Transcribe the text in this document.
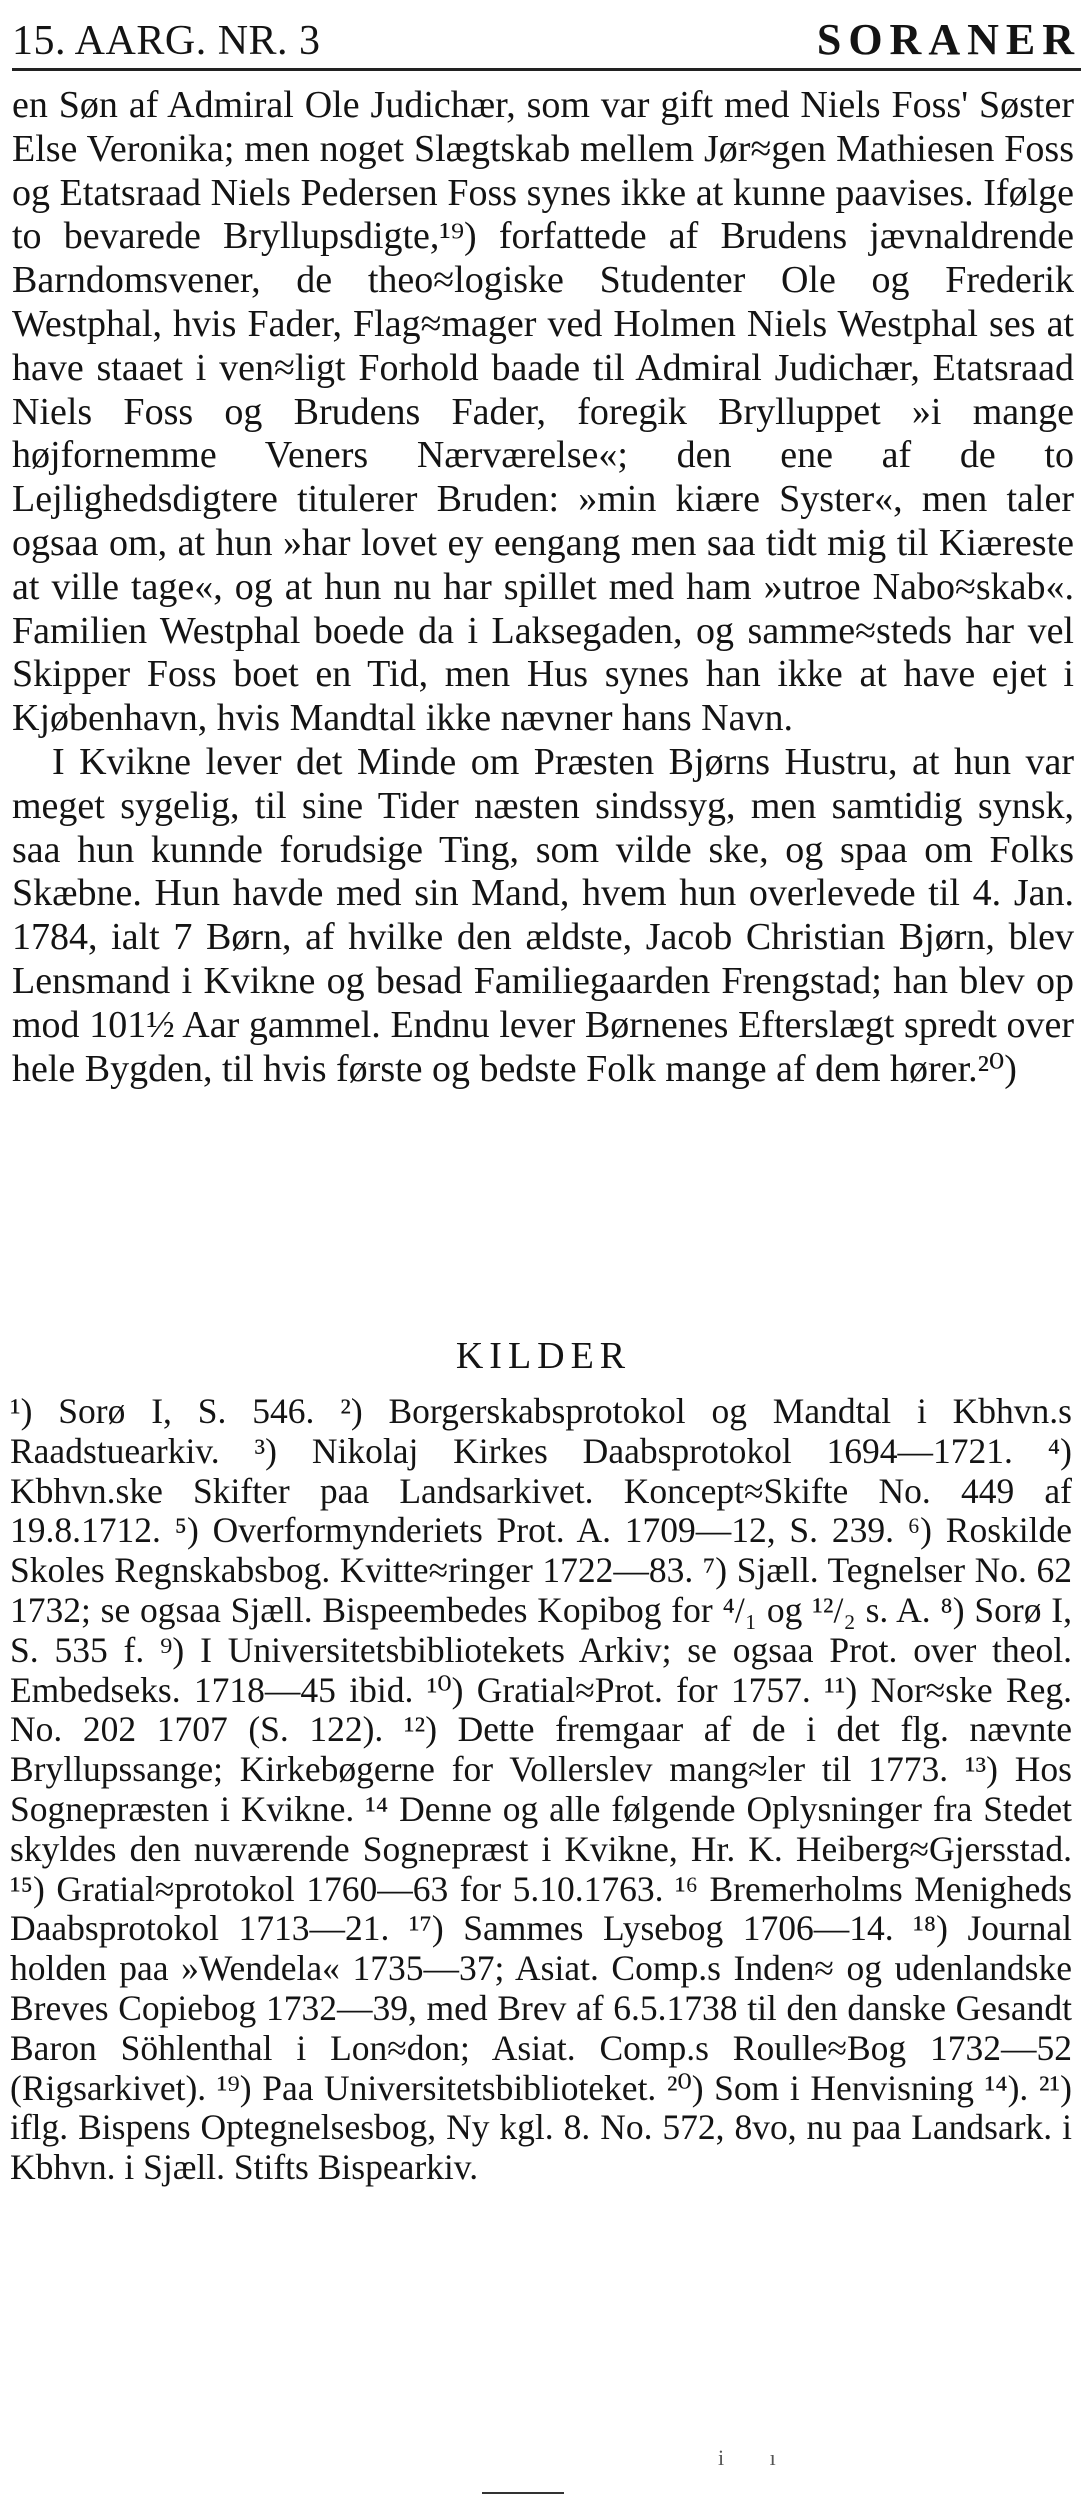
15. AARG. NR. 3	SORANER

en Søn af Admiral Ole Judichær, som var gift med Niels Foss' Søster Else Veronika; men noget Slægtskab mellem Jør≈gen Mathiesen Foss og Etatsraad Niels Pedersen Foss synes ikke at kunne paavises. Ifølge to bevarede Bryllupsdigte,¹⁹) forfattede af Brudens jævnaldrende Barndomsvener, de theo≈logiske Studenter Ole og Frederik Westphal, hvis Fader, Flag≈mager ved Holmen Niels Westphal ses at have staaet i ven≈ligt Forhold baade til Admiral Judichær, Etatsraad Niels Foss og Brudens Fader, foregik Brylluppet »i mange højfornemme Veners Nærværelse«; den ene af de to Lejlighedsdigtere titulerer Bruden: »min kiære Syster«, men taler ogsaa om, at hun »har lovet ey eengang men saa tidt mig til Kiæreste at ville tage«, og at hun nu har spillet med ham »utroe Nabo≈skab«. Familien Westphal boede da i Laksegaden, og samme≈steds har vel Skipper Foss boet en Tid, men Hus synes han ikke at have ejet i Kjøbenhavn, hvis Mandtal ikke nævner hans Navn.

I Kvikne lever det Minde om Præsten Bjørns Hustru, at hun var meget sygelig, til sine Tider næsten sindssyg, men samtidig synsk, saa hun kunnde forudsige Ting, som vilde ske, og spaa om Folks Skæbne. Hun havde med sin Mand, hvem hun overlevede til 4. Jan. 1784, ialt 7 Børn, af hvilke den ældste, Jacob Christian Bjørn, blev Lensmand i Kvikne og besad Familiegaarden Frengstad; han blev op mod 101½ Aar gammel. Endnu lever Børnenes Efterslægt spredt over hele Bygden, til hvis første og bedste Folk mange af dem hører.²⁰)

KILDER
¹) Sorø I, S. 546. ²) Borgerskabsprotokol og Mandtal i Kbhvn.s Raadstuearkiv. ³) Nikolaj Kirkes Daabsprotokol 1694—1721. ⁴) Kbhvn.ske Skifter paa Landsarkivet. Koncept≈Skifte No. 449 af 19.8.1712. ⁵) Overformynderiets Prot. A. 1709—12, S. 239. ⁶) Roskilde Skoles Regnskabsbog. Kvitte≈ringer 1722—83. ⁷) Sjæll. Tegnelser No. 62 1732; se ogsaa Sjæll. Bispeembedes Kopibog for ⁴/₁ og ¹²/₂ s. A. ⁸) Sorø I, S. 535 f. ⁹) I Universitetsbibliotekets Arkiv; se ogsaa Prot. over theol. Embedseks. 1718—45 ibid. ¹⁰) Gratial≈Prot. for 1757. ¹¹) Nor≈ske Reg. No. 202 1707 (S. 122). ¹²) Dette fremgaar af de i det flg. nævnte Bryllupssange; Kirkebøgerne for Vollerslev mang≈ler til 1773. ¹³) Hos Sognepræsten i Kvikne. ¹⁴ Denne og alle følgende Oplysninger fra Stedet skyldes den nuværende Sognepræst i Kvikne, Hr. K. Heiberg≈Gjersstad. ¹⁵) Gratial≈protokol 1760—63 for 5.10.1763. ¹⁶ Bremerholms Menigheds Daabsprotokol 1713—21. ¹⁷) Sammes Lysebog 1706—14. ¹⁸) Journal holden paa »Wendela« 1735—37; Asiat. Comp.s Inden≈ og udenlandske Breves Copiebog 1732—39, med Brev af 6.5.1738 til den danske Gesandt Baron Söhlenthal i Lon≈don; Asiat. Comp.s Roulle≈Bog 1732—52 (Rigsarkivet). ¹⁹) Paa Universitetsbiblioteket. ²⁰) Som i Henvisning ¹⁴). ²¹) iflg. Bispens Optegnelsesbog, Ny kgl. 8. No. 572, 8vo, nu paa Landsark. i Kbhvn. i Sjæll. Stifts Bispearkiv.
i ı
